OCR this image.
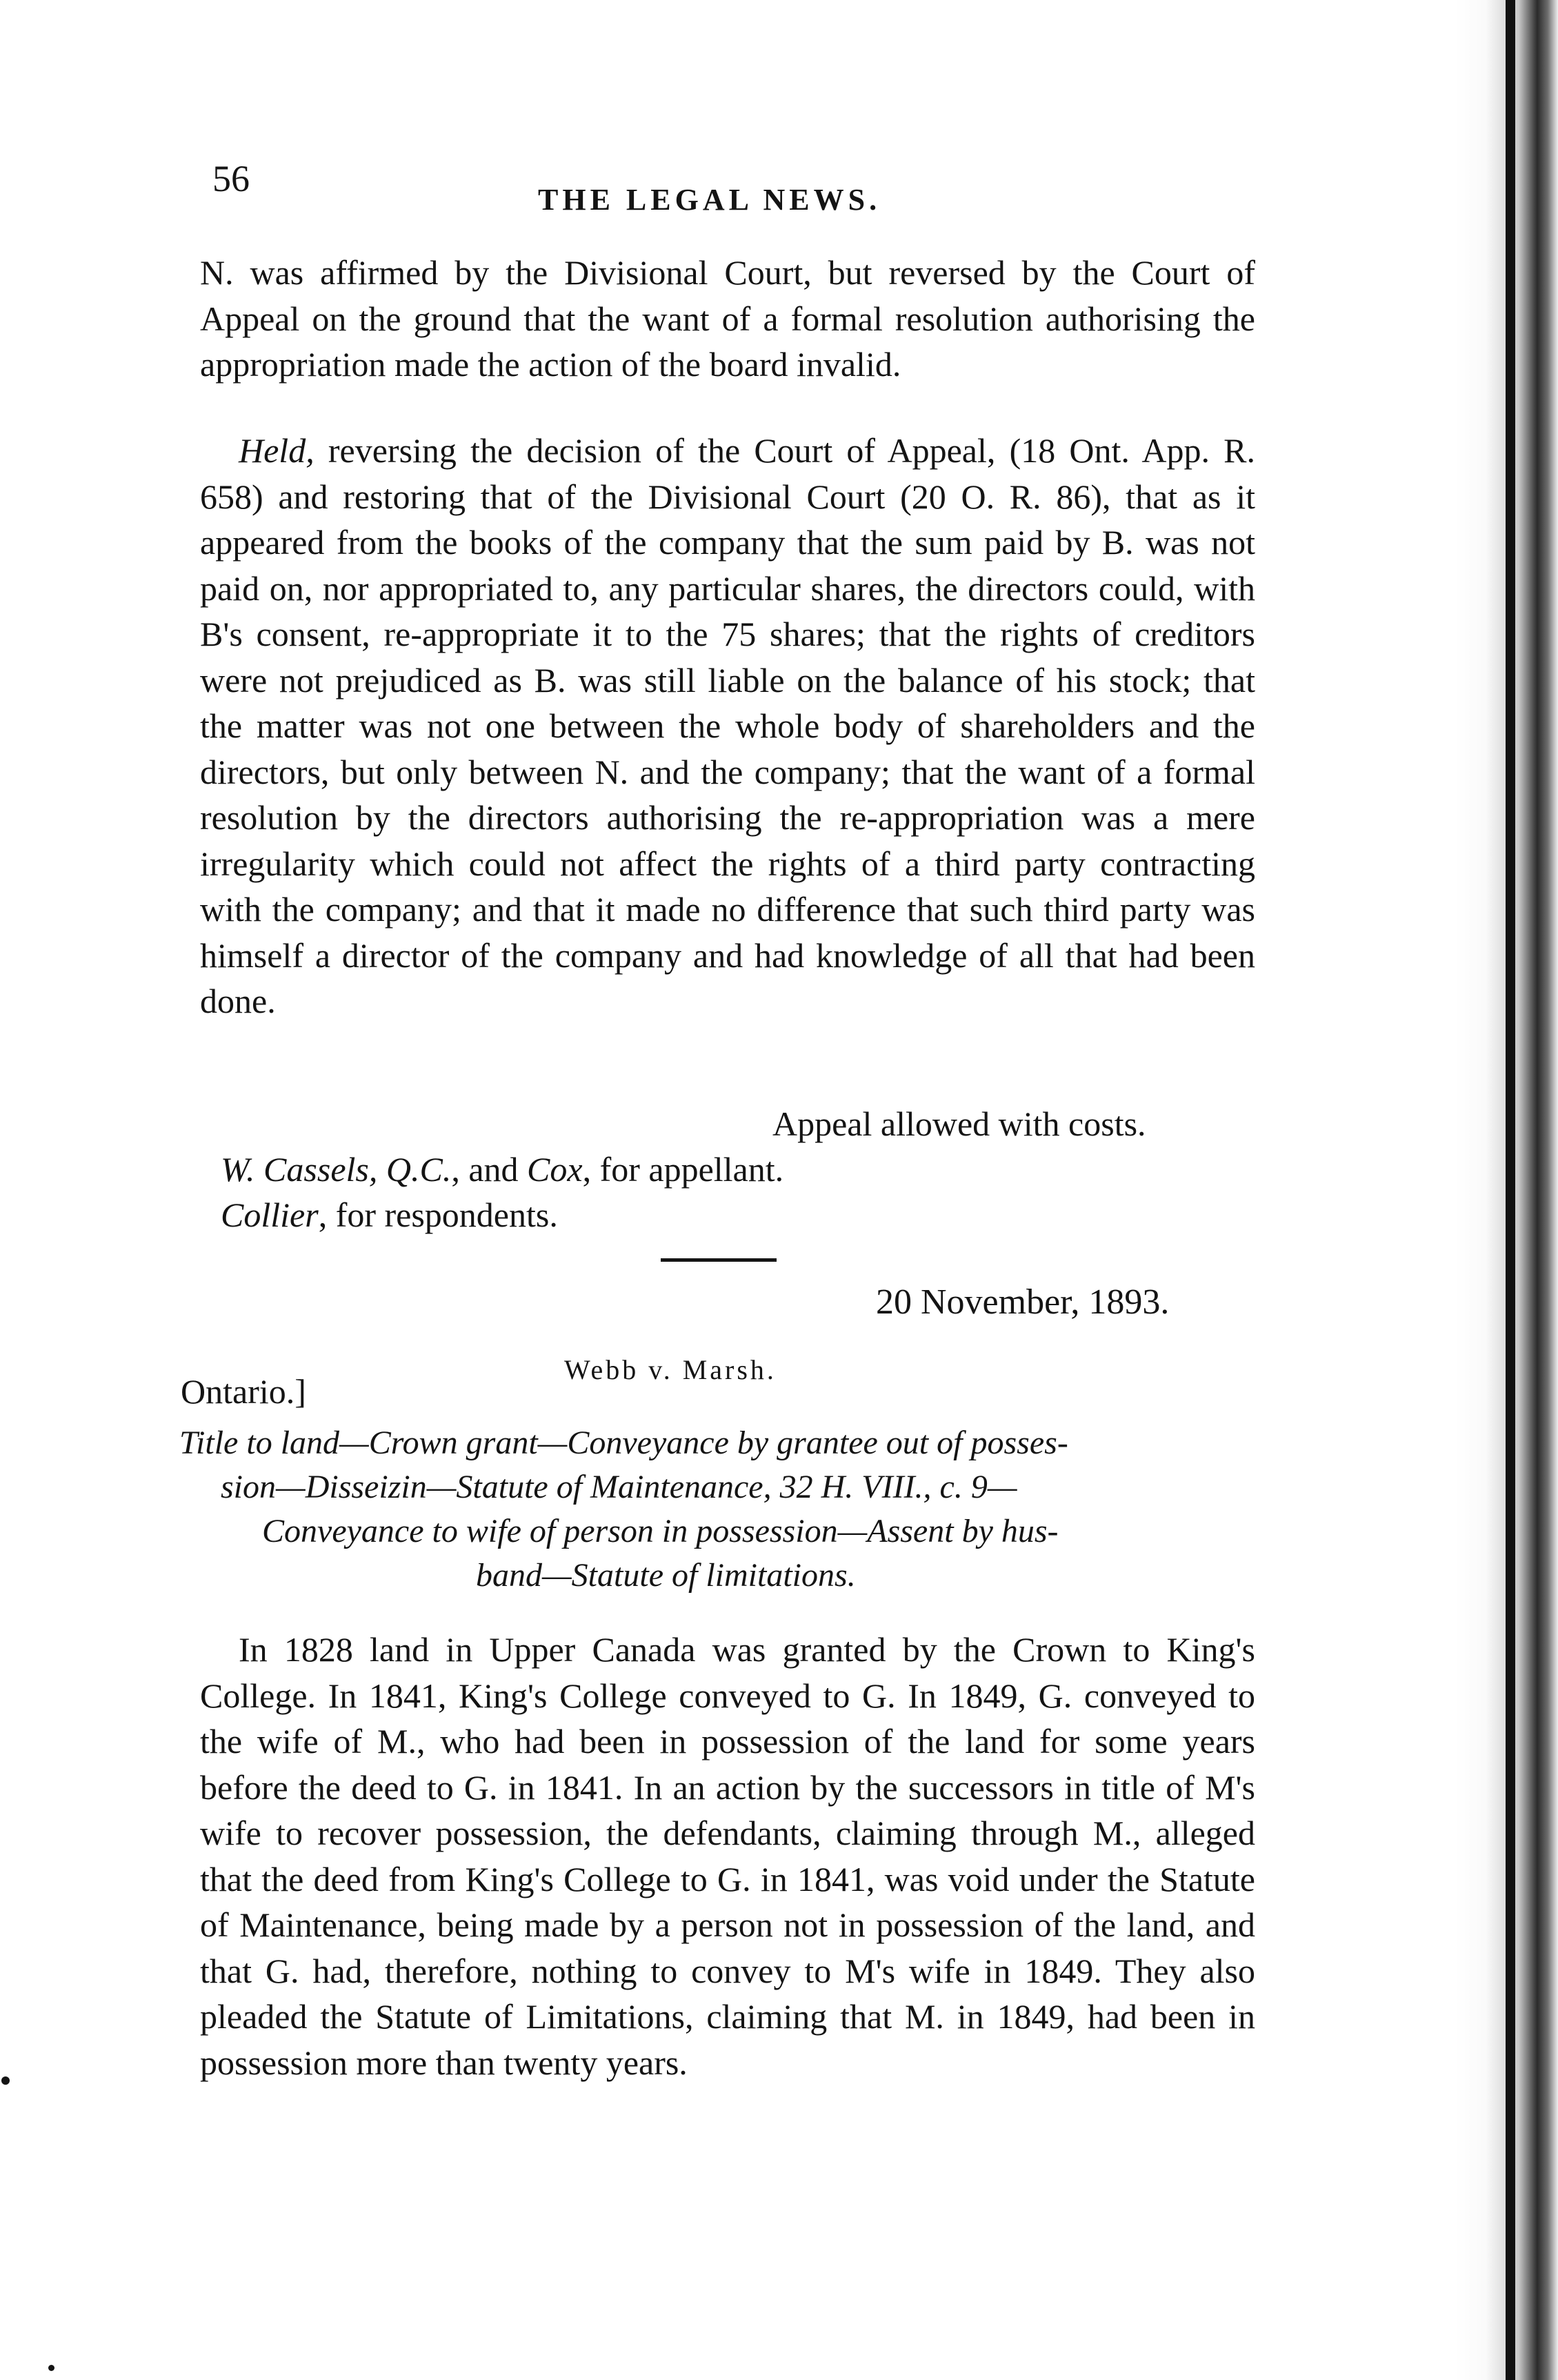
56
THE LEGAL NEWS.

N. was affirmed by the Divisional Court, but reversed by the Court of Appeal on the ground that the want of a formal resolution authorising the appropriation made the action of the board invalid.

Held, reversing the decision of the Court of Appeal, (18 Ont. App. R. 658) and restoring that of the Divisional Court (20 O. R. 86), that as it appeared from the books of the company that the sum paid by B. was not paid on, nor appropriated to, any particular shares, the directors could, with B's consent, re-appropriate it to the 75 shares; that the rights of creditors were not prejudiced as B. was still liable on the balance of his stock; that the matter was not one between the whole body of shareholders and the directors, but only between N. and the company; that the want of a formal resolution by the directors authorising the re-appropriation was a mere irregularity which could not affect the rights of a third party contracting with the company; and that it made no difference that such third party was himself a director of the company and had knowledge of all that had been done.

Appeal allowed with costs.
W. Cassels, Q.C., and Cox, for appellant.
Collier, for respondents.
20 November, 1893.
Webb v. Marsh.
Ontario.]
Title to land—Crown grant—Conveyance by grantee out of posses-
sion—Disseizin—Statute of Maintenance, 32 H. VIII., c. 9—
Conveyance to wife of person in possession—Assent by hus-
band—Statute of limitations.

In 1828 land in Upper Canada was granted by the Crown to King's College. In 1841, King's College conveyed to G. In 1849, G. conveyed to the wife of M., who had been in possession of the land for some years before the deed to G. in 1841. In an action by the successors in title of M's wife to recover possession, the defendants, claiming through M., alleged that the deed from King's College to G. in 1841, was void under the Statute of Maintenance, being made by a person not in possession of the land, and that G. had, therefore, nothing to convey to M's wife in 1849. They also pleaded the Statute of Limitations, claiming that M. in 1849, had been in possession more than twenty years.
